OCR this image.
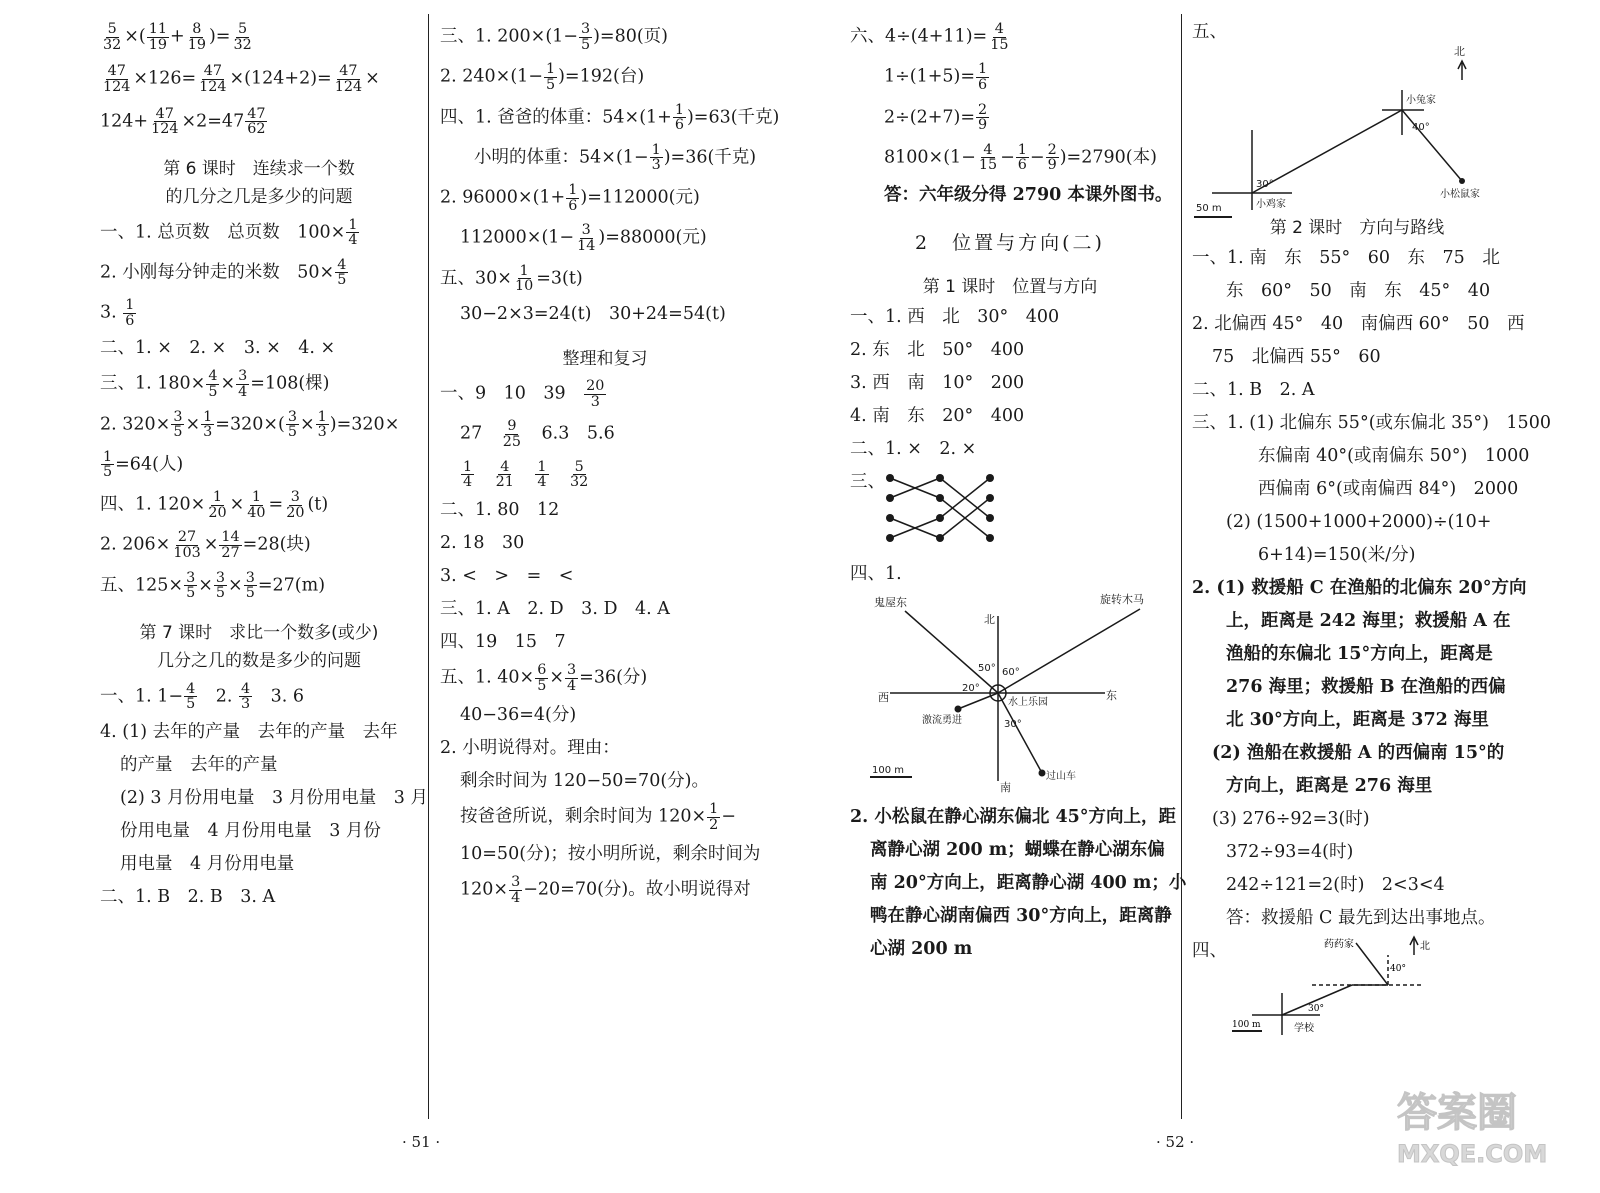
$\frac{5}{32}$ ×( $\frac{11}{19} + \frac{8}{19}$ )= $\frac{5}{32}$
$\frac{47}{124} \times 126= \frac{47}{124} \times(124+2)= \frac{47}{124}$ ×
$124+ \frac{47}{124} \times 2=47 \frac{47}{62}$
第 6 课时　连续求一个数
的几分之几是多少的问题
一、1. 总页数　总页数　$100\times \frac{1}{4}$
2. 小刚每分钟走的米数　$50\times \frac{4}{5}$
3. $\frac{1}{6}$
二、1. ×　2. ×　3. ×　4. ×
三、1. $180\times \frac{4}{5} \times \frac{3}{4} =108$(棵)
2. $320\times \frac{3}{5} \times \frac{1}{3} =320\times( \frac{3}{5} \times \frac{1}{3} )=320\times$
$\frac{1}{5} =64$(人)
四、1. $120\times \frac{1}{20} \times \frac{1}{40} = \frac{3}{20} (t)$
2. $206\times \frac{27}{103} \times \frac{14}{27} =28$(块)
五、$125\times \frac{3}{5} \times \frac{3}{5} \times \frac{3}{5} =27(m)$
第 7 课时　求比一个数多(或少)
几分之几的数是多少的问题
一、1. $1- \frac{4}{5}$ 　2. $\frac{4}{3}$ 　3. 6
4. (1) 去年的产量　去年的产量　去年
的产量　去年的产量
(2) 3 月份用电量　3 月份用电量　3 月
份用电量　4 月份用电量　3 月份
用电量　4 月份用电量
二、1. B　2. B　3. A
三、1. $200\times(1- \frac{3}{5} )=80$(页)
2. $240\times(1- \frac{1}{5} )=192$(台)
四、1. 爸爸的体重：$54\times(1+ \frac{1}{6} )=63$(千克)
小明的体重：$54\times(1- \frac{1}{3} )=36$(千克)
2. $96000\times(1+ \frac{1}{6} )=112000$(元)
$112000\times(1- \frac{3}{14} )=88000$(元)
五、$30\times \frac{1}{10} =3(t)$
30−2×3=24(t)　30+24=54(t)
整理和复习
一、9　10　39　 $\frac{20}{3}$
27　 $\frac{9}{25}$
　 6.3　5.6
$\frac{1}{4}$
　 $\frac{4}{21}$
　 $\frac{1}{4}$
　 $\frac{5}{32}$
二、1. 80　12
2. 18　30
3. <　>　=　<
三、1. A　2. D　3. D　4. A
四、19　15　7
五、1. $40\times \frac{6}{5} \times \frac{3}{4} =36$(分)
40−36=4(分)
2. 小明说得对。理由：
剩余时间为 120−50=70(分)。
按爸爸所说，剩余时间为 $120\times \frac{1}{2}$ −
10=50(分)；按小明所说，剩余时间为
$120\times \frac{3}{4} -20=70$(分)。故小明说得对
六、$4\div(4+11)= \frac{4}{15}$
$1\div(1+5)= \frac{1}{6}$
$2\div(2+7)= \frac{2}{9}$
$8100\times(1- \frac{4}{15} - \frac{1}{6} - \frac{2}{9} )=2790$(本)
答：六年级分得 2790 本课外图书。
2　位置与方向(二)
第 1 课时　位置与方向
一、1. 西　北　30°　400
2. 东　北　50°　400
3. 西　南　10°　200
4. 南　东　20°　400
二、1. ×　2. ×
三、
四、1.
鬼屋东	旋转木马
北
西	东
南
水上乐园
激流勇进
过山车
50° 60°
20°
30°
100 m
2. 小松鼠在静心湖东偏北 45°方向上，距
离静心湖 200 m；蝴蝶在静心湖东偏
南 20°方向上，距离静心湖 400 m；小
鸭在静心湖南偏西 30°方向上，距离静
心湖 200 m
五、
北
小兔家
小松鼠家
小鸡家
40°
30°
50 m
第 2 课时　方向与路线
一、1. 南　东　55°　60　东　75　北
东　60°　50　南　东　45°　40
2. 北偏西 45°　40　南偏西 60°　50　西
75　北偏西 55°　60
二、1. B　2. A
三、1. (1) 北偏东 55°(或东偏北 35°)　1500
东偏南 40°(或南偏东 50°)　1000
西偏南 6°(或南偏西 84°)　2000
(2) (1500+1000+2000)÷(10+
6+14)=150(米/分)
2. (1) 救援船 C 在渔船的北偏东 20°方向
上，距离是 242 海里；救援船 A 在
渔船的东偏北 15°方向上，距离是
276 海里；救援船 B 在渔船的西偏
北 30°方向上，距离是 372 海里
(2) 渔船在救援船 A 的西偏南 15°的
方向上，距离是 276 海里
(3) 276÷92=3(时)
372÷93=4(时)
242÷121=2(时)　2<3<4
答：救援船 C 最先到达出事地点。
四、	北
药药家
学校
40°
30°
100 m
· 51 ·	· 52 ·
答案圈
MXQE.COM
